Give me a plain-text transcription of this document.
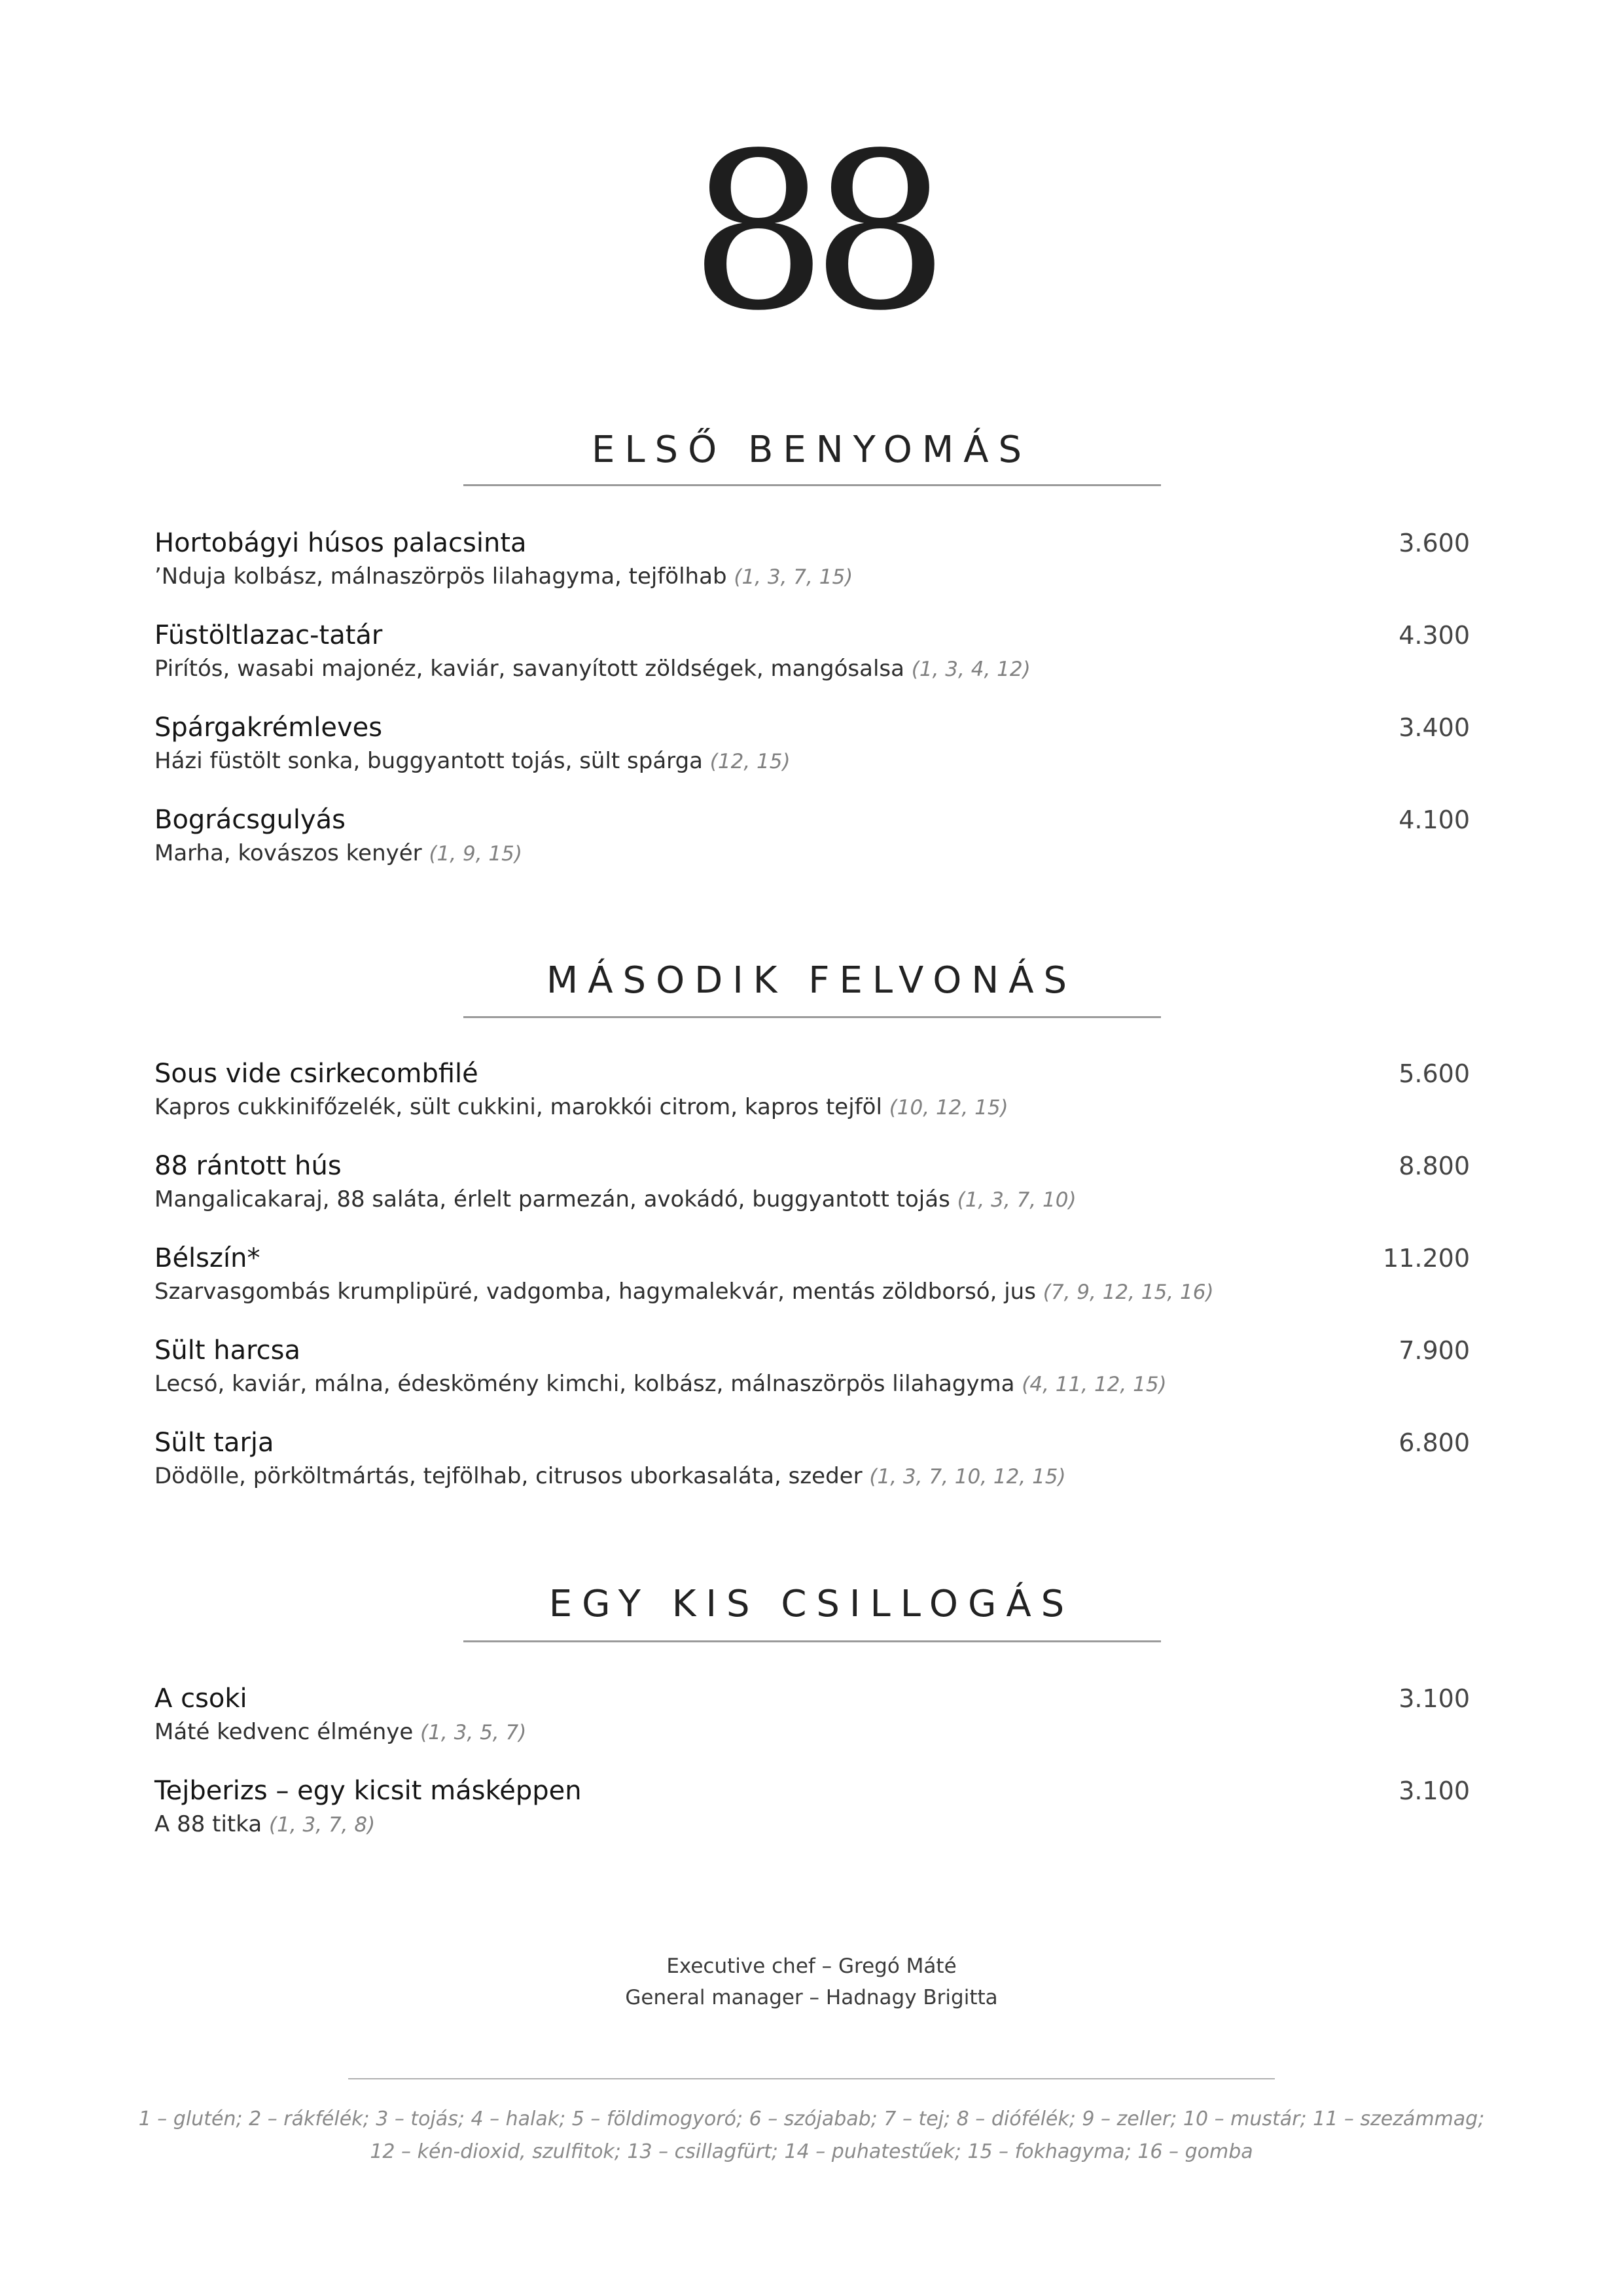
88
ELSŐ BENYOMÁS
Hortobágyi húsos palacsinta	3.600
’Nduja kolbász, málnaszörpös lilahagyma, tejfölhab (1, 3, 7, 15)
Füstöltlazac-tatár	4.300
Pirítós, wasabi majonéz, kaviár, savanyított zöldségek, mangósalsa (1, 3, 4, 12)
Spárgakrémleves	3.400
Házi füstölt sonka, buggyantott tojás, sült spárga (12, 15)
Bográcsgulyás	4.100
Marha, kovászos kenyér (1, 9, 15)
MÁSODIK FELVONÁS
Sous vide csirkecombfilé	5.600
Kapros cukkinifőzelék, sült cukkini, marokkói citrom, kapros tejföl (10, 12, 15)
88 rántott hús	8.800
Mangalicakaraj, 88 saláta, érlelt parmezán, avokádó, buggyantott tojás (1, 3, 7, 10)
Bélszín*	11.200
Szarvasgombás krumplipüré, vadgomba, hagymalekvár, mentás zöldborsó, jus (7, 9, 12, 15, 16)
Sült harcsa	7.900
Lecsó, kaviár, málna, édeskömény kimchi, kolbász, málnaszörpös lilahagyma (4, 11, 12, 15)
Sült tarja	6.800
Dödölle, pörköltmártás, tejfölhab, citrusos uborkasaláta, szeder (1, 3, 7, 10, 12, 15)
EGY KIS CSILLOGÁS
A csoki	3.100
Máté kedvenc élménye (1, 3, 5, 7)
Tejberizs – egy kicsit másképpen	3.100
A 88 titka (1, 3, 7, 8)
Executive chef – Gregó Máté
General manager – Hadnagy Brigitta
1 – glutén; 2 – rákfélék; 3 – tojás; 4 – halak; 5 – földimogyoró; 6 – szójabab; 7 – tej; 8 – diófélék; 9 – zeller; 10 – mustár; 11 – szezámmag;
12 – kén-dioxid, szulfitok; 13 – csillagfürt; 14 – puhatestűek; 15 – fokhagyma; 16 – gomba
